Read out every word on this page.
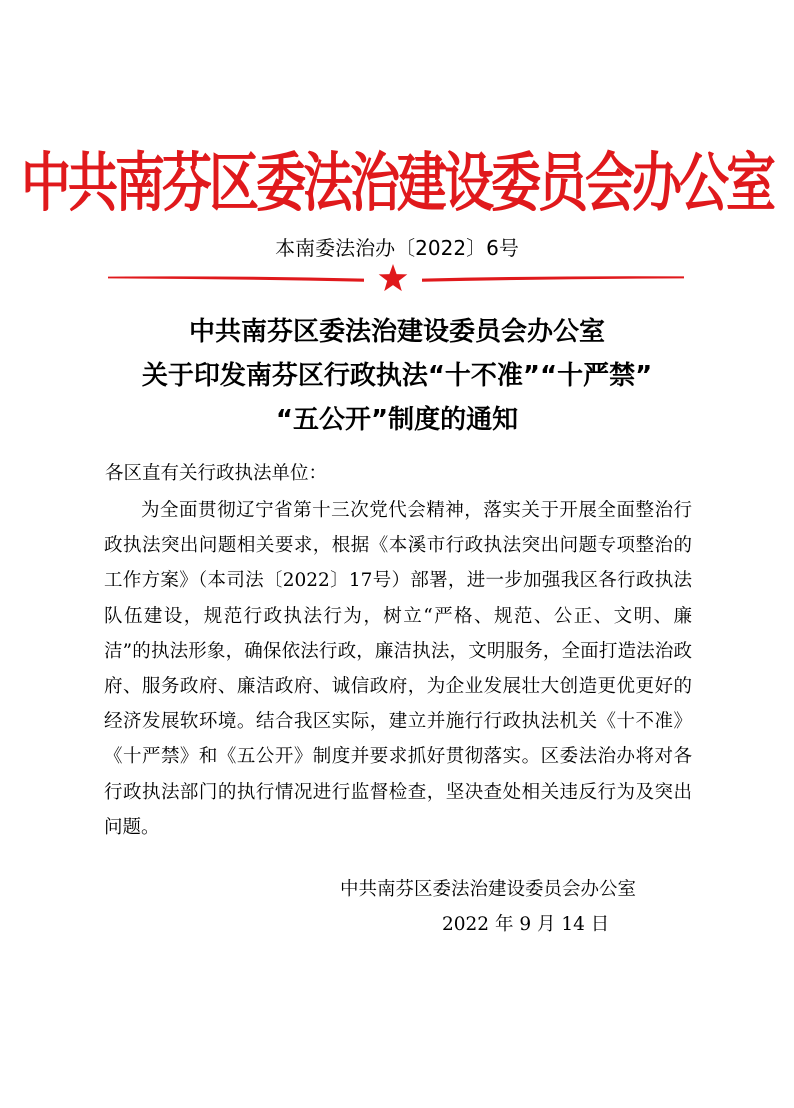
中共南芬区委法治建设委员会办公室
本南委法治办〔2022〕6号
中共南芬区委法治建设委员会办公室
关于印发南芬区行政执法“十不准”“十严禁”
“五公开”制度的通知
各区直有关行政执法单位：
为全面贯彻辽宁省第十三次党代会精神，落实关于开展全面整治行政执法突出问题相关要求，根据《本溪市行政执法突出问题专项整治的工作方案》（本司法〔2022〕17号）部署，进一步加强我区各行政执法队伍建设，规范行政执法行为，树立“严格、规范、公正、文明、廉洁”的执法形象，确保依法行政，廉洁执法，文明服务，全面打造法治政府、服务政府、廉洁政府、诚信政府，为企业发展壮大创造更优更好的经济发展软环境。结合我区实际，建立并施行行政执法机关《十不准》《十严禁》和《五公开》制度并要求抓好贯彻落实。区委法治办将对各行政执法部门的执行情况进行监督检查，坚决查处相关违反行为及突出问题。
中共南芬区委法治建设委员会办公室
2022 年 9 月 14 日
